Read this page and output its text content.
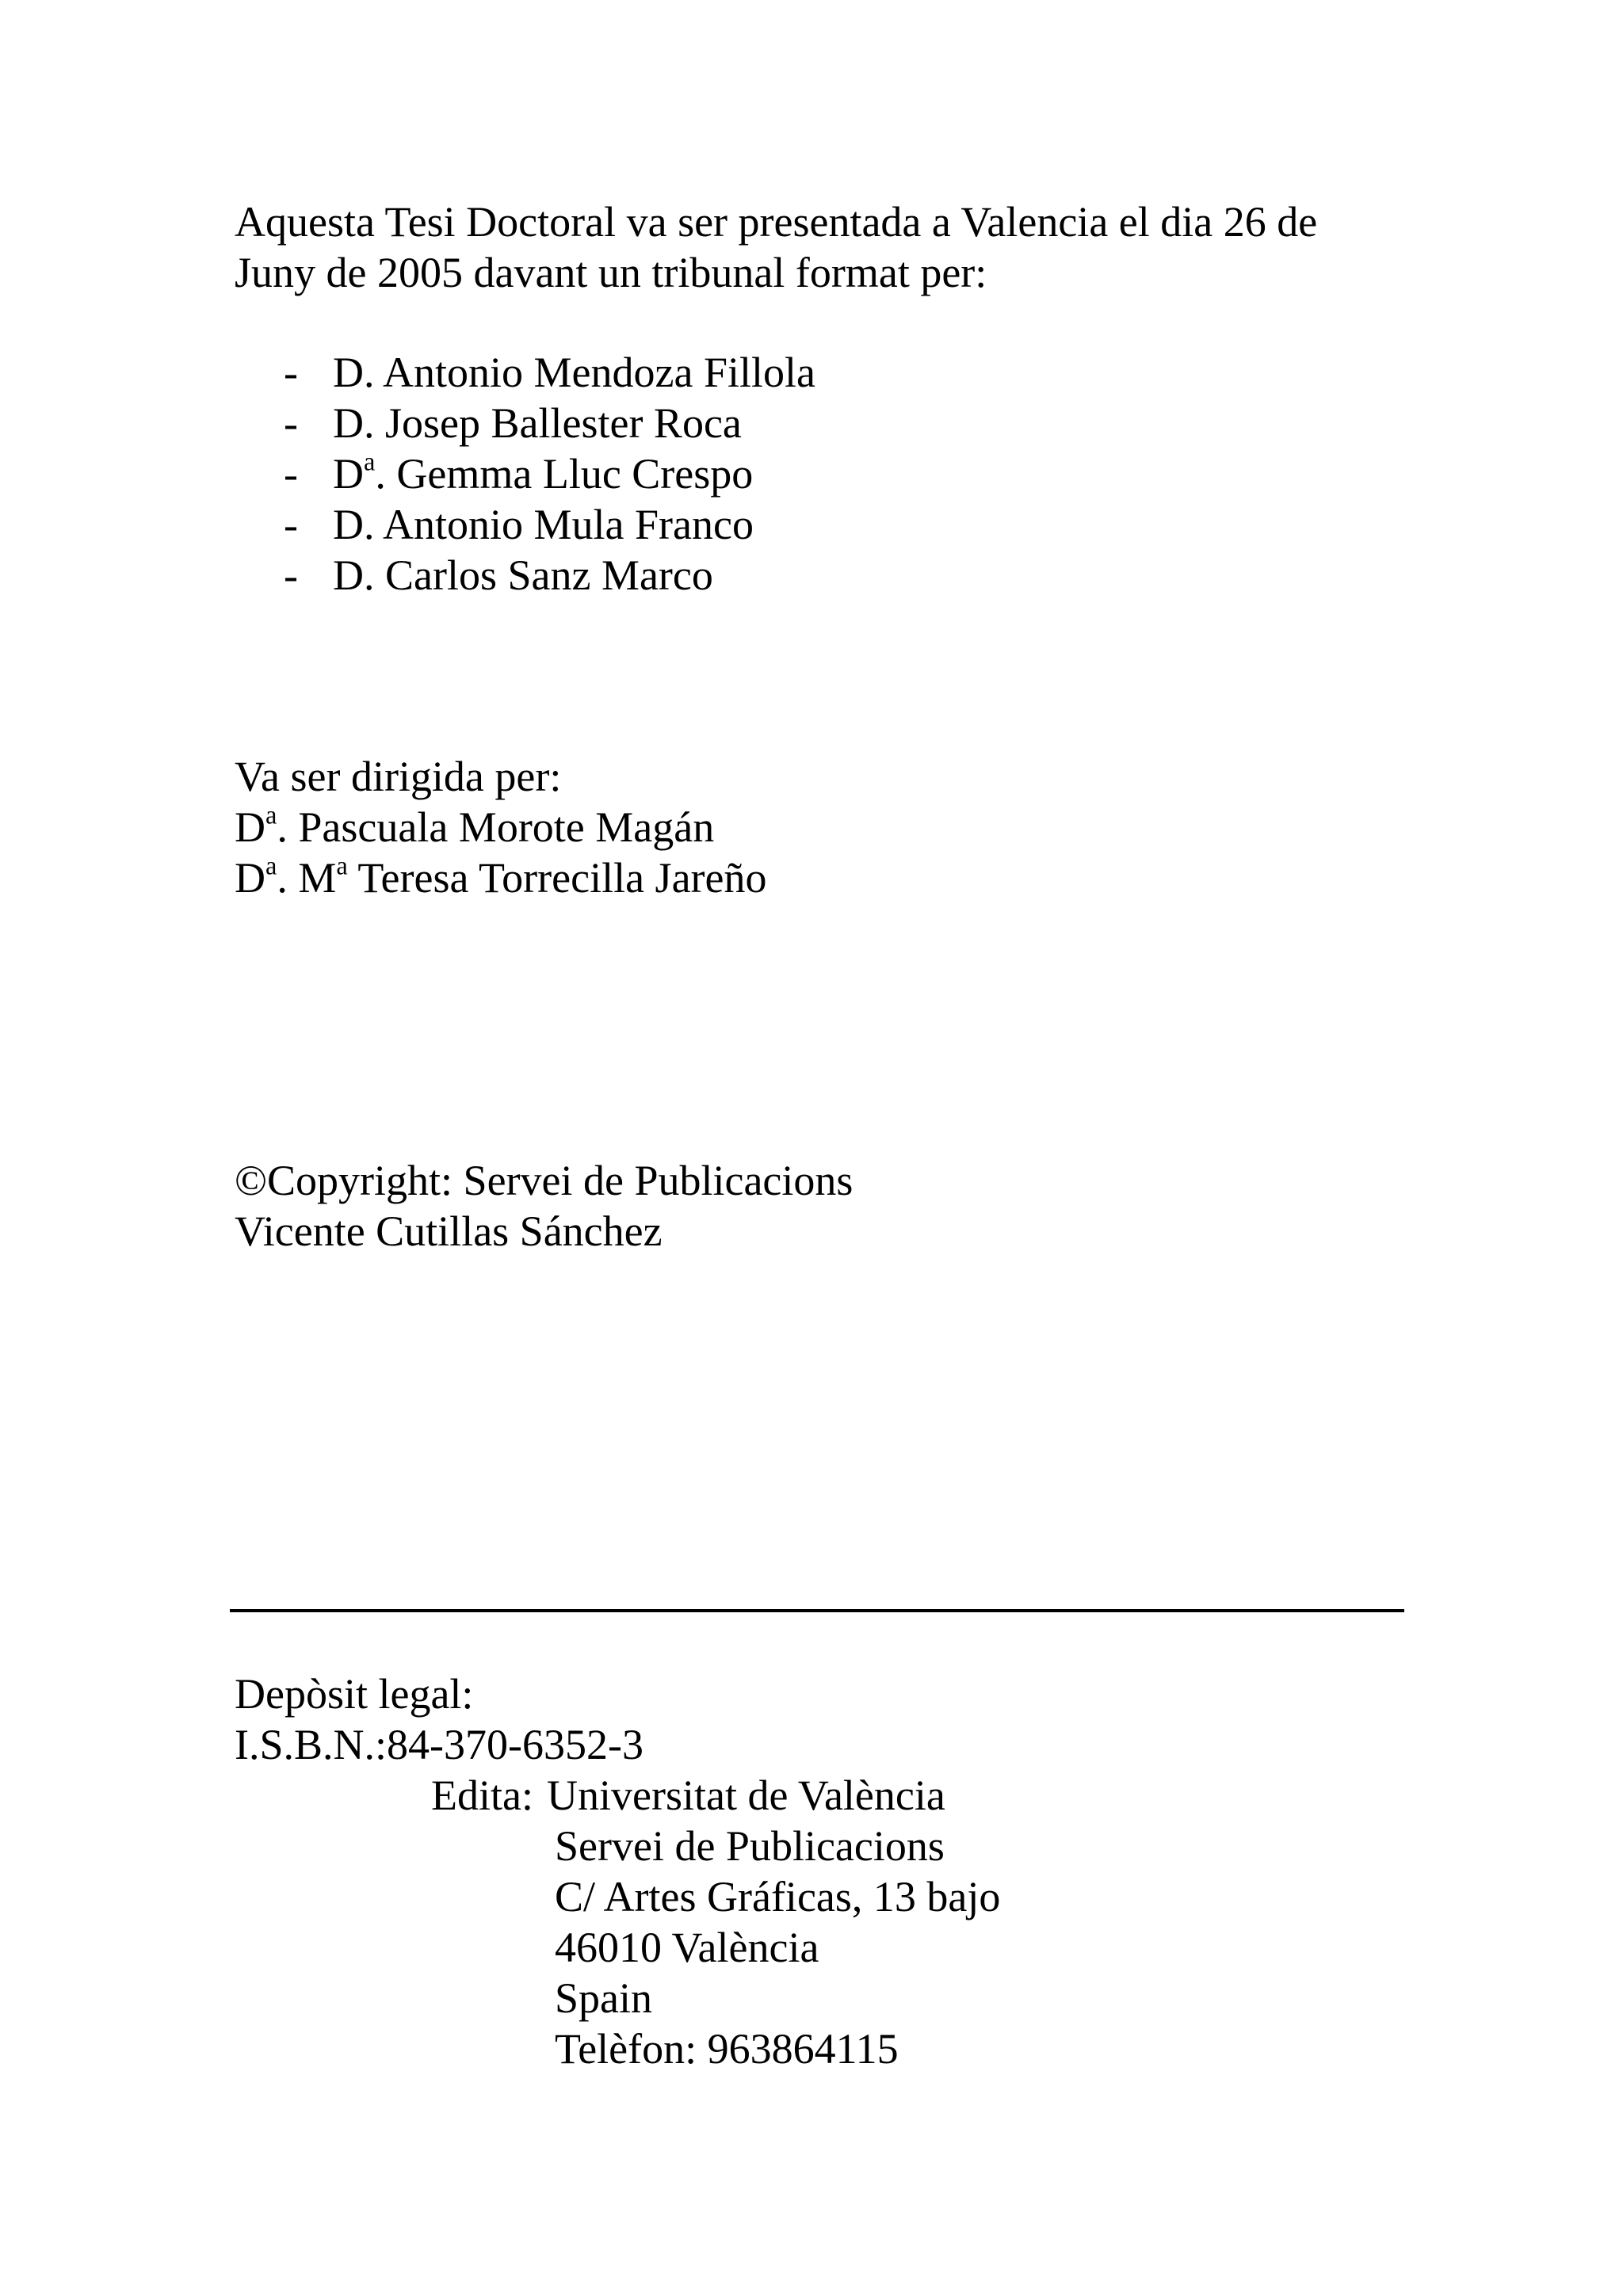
Aquesta Tesi Doctoral va ser presentada a Valencia el dia 26 de
Juny de 2005 davant un tribunal format per:

- D. Antonio Mendoza Fillola
- D. Josep Ballester Roca
- $D^a$. Gemma Lluc Crespo
- D. Antonio Mula Franco
- D. Carlos Sanz Marco

Va ser dirigida per:
$D^a$. Pascuala Morote Magán
$D^a$. $M^a$ Teresa Torrecilla Jareño

©Copyright: Servei de Publicacions
Vicente Cutillas Sánchez

Depòsit legal:
I.S.B.N.:84-370-6352-3

Edita: Universitat de València
Servei de Publicacions
C/ Artes Gráficas, 13 bajo
46010 València
Spain
Telèfon: 963864115
